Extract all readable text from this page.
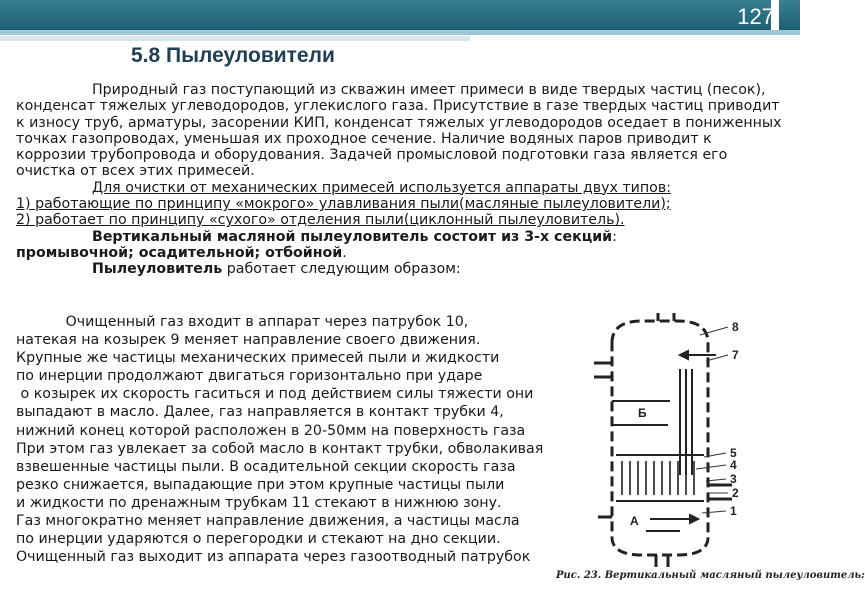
127
5.8 Пылеуловители

Природный газ поступающий из скважин имеет примеси в виде твердых частиц (песок), конденсат тяжелых углеводородов, углекислого газа. Присутствие в газе твердых частиц приводит к износу труб, арматуры, засорении КИП, конденсат тяжелых углеводородов оседает в пониженных точках газопроводах, уменьшая их проходное сечение. Наличие водяных паров приводит к коррозии трубопровода и оборудования. Задачей промысловой подготовки газа является его очистка от всех этих примесей.

Для очистки от механических примесей используется аппараты двух типов:

1) работающие по принципу «мокрого» улавливания пыли(масляные пылеуловители);

2) работает по принципу «сухого» отделения пыли(циклонный пылеуловитель).

Вертикальный масляной пылеуловитель состоит из 3-х секций:
промывочной; осадительной; отбойной.

Пылеуловитель работает следующим образом:

Очищенный газ входит в аппарат через патрубок 10,

натекая на козырек 9 меняет направление своего движения.

Крупные же частицы механических примесей пыли и жидкости

по инерции продолжают двигаться горизонтально при ударе

о козырек их скорость гаситься и под действием силы тяжести они

выпадают в масло. Далее, газ направляется в контакт трубки 4,

нижний конец которой расположен в 20-50мм на поверхность газа

При этом газ увлекает за собой масло в контакт трубки, обволакивая

взвешенные частицы пыли. В осадительной секции скорость газа

резко снижается, выпадающие при этом крупные частицы пыли

и жидкости по дренажным трубкам 11 стекают в нижнюю зону.

Газ многократно меняет направление движения, а частицы масла

по инерции ударяются о перегородки и стекают на дно секции.

Очищенный газ выходит из аппарата через газоотводный патрубок

8
7
Б
5
4
3
2
1
А
Рис. 23. Вертикальный масляный пылеуловитель:
